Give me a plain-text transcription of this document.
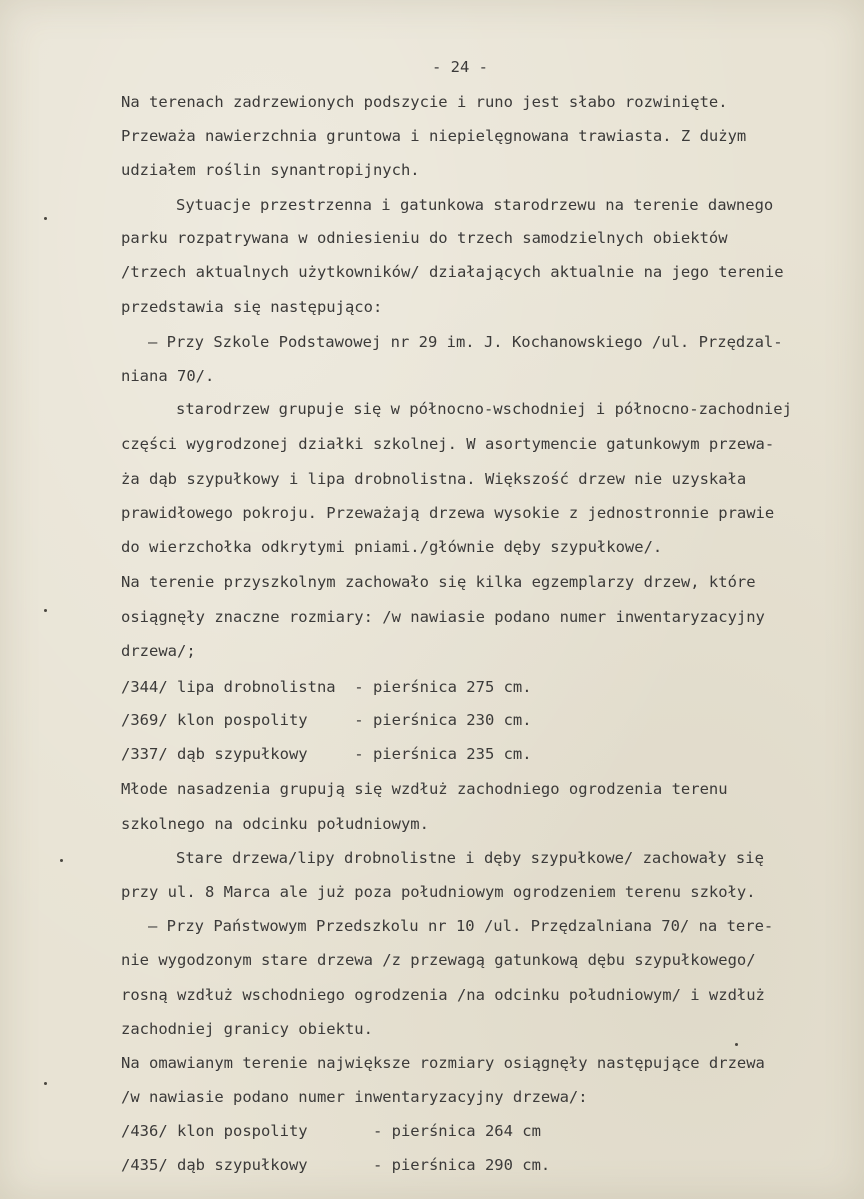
- 24 -
Na terenach zadrzewionych podszycie i runo jest słabo rozwinięte.
Przeważa nawierzchnia gruntowa i niepielęgnowana trawiasta. Z dużym
udziałem roślin synantropijnych.
Sytuacje przestrzenna i gatunkowa starodrzewu na terenie dawnego
parku rozpatrywana w odniesieniu do trzech samodzielnych obiektów
/trzech aktualnych użytkowników/ działających aktualnie na jego terenie
przedstawia się następująco:
— Przy Szkole Podstawowej nr 29 im. J. Kochanowskiego /ul. Przędzal-
niana 70/.
starodrzew grupuje się w północno-wschodniej i północno-zachodniej
części wygrodzonej działki szkolnej. W asortymencie gatunkowym przewa-
ża dąb szypułkowy i lipa drobnolistna. Większość drzew nie uzyskała
prawidłowego pokroju. Przeważają drzewa wysokie z jednostronnie prawie
do wierzchołka odkrytymi pniami./głównie dęby szypułkowe/.
Na terenie przyszkolnym zachowało się kilka egzemplarzy drzew, które
osiągnęły znaczne rozmiary: /w nawiasie podano numer inwentaryzacyjny
drzewa/;
/344/ lipa drobnolistna  - pierśnica 275 cm.
/369/ klon pospolity     - pierśnica 230 cm.
/337/ dąb szypułkowy     - pierśnica 235 cm.
Młode nasadzenia grupują się wzdłuż zachodniego ogrodzenia terenu
szkolnego na odcinku południowym.
Stare drzewa/lipy drobnolistne i dęby szypułkowe/ zachowały się
przy ul. 8 Marca ale już poza południowym ogrodzeniem terenu szkoły.
— Przy Państwowym Przedszkolu nr 10 /ul. Przędzalniana 70/ na tere-
nie wygodzonym stare drzewa /z przewagą gatunkową dębu szypułkowego/
rosną wzdłuż wschodniego ogrodzenia /na odcinku południowym/ i wzdłuż
zachodniej granicy obiektu.
Na omawianym terenie największe rozmiary osiągnęły następujące drzewa
/w nawiasie podano numer inwentaryzacyjny drzewa/:
/436/ klon pospolity       - pierśnica 264 cm
/435/ dąb szypułkowy       - pierśnica 290 cm.
